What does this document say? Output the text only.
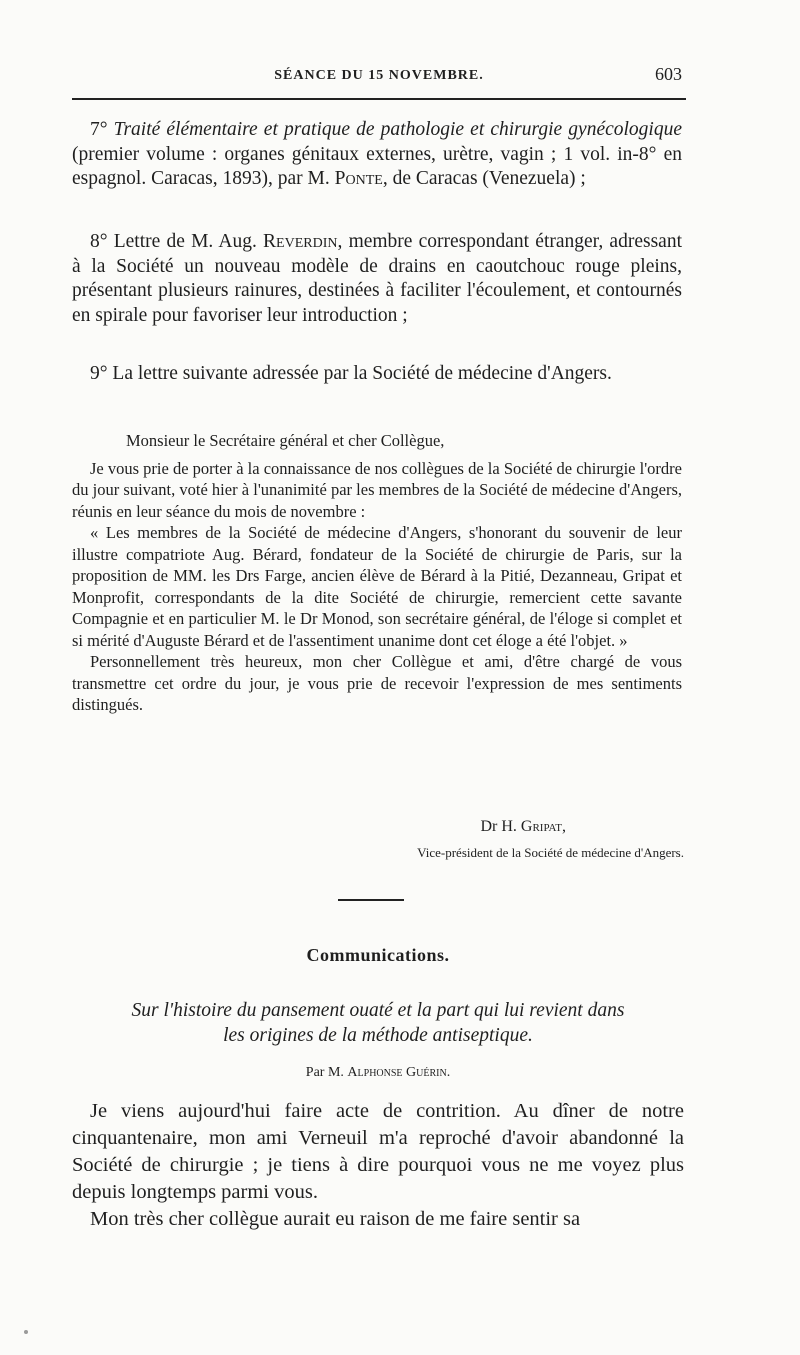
SÉANCE DU 15 NOVEMBRE.	603

7° Traité élémentaire et pratique de pathologie et chirurgie gynécologique (premier volume : organes génitaux externes, urètre, vagin ; 1 vol. in-8° en espagnol. Caracas, 1893), par M. Ponte, de Caracas (Venezuela) ;

8° Lettre de M. Aug. Reverdin, membre correspondant étranger, adressant à la Société un nouveau modèle de drains en caoutchouc rouge pleins, présentant plusieurs rainures, destinées à faciliter l'écoulement, et contournés en spirale pour favoriser leur introduction ;

9° La lettre suivante adressée par la Société de médecine d'Angers.

Monsieur le Secrétaire général et cher Collègue,

Je vous prie de porter à la connaissance de nos collègues de la Société de chirurgie l'ordre du jour suivant, voté hier à l'unanimité par les membres de la Société de médecine d'Angers, réunis en leur séance du mois de novembre :

« Les membres de la Société de médecine d'Angers, s'honorant du souvenir de leur illustre compatriote Aug. Bérard, fondateur de la Société de chirurgie de Paris, sur la proposition de MM. les Drs Farge, ancien élève de Bérard à la Pitié, Dezanneau, Gripat et Monprofit, correspondants de la dite Société de chirurgie, remercient cette savante Compagnie et en particulier M. le Dr Monod, son secrétaire général, de l'éloge si complet et si mérité d'Auguste Bérard et de l'assentiment unanime dont cet éloge a été l'objet. »

Personnellement très heureux, mon cher Collègue et ami, d'être chargé de vous transmettre cet ordre du jour, je vous prie de recevoir l'expression de mes sentiments distingués.

Dr H. Gripat,
Vice-président de la Société de médecine d'Angers.
Communications.
Sur l'histoire du pansement ouaté et la part qui lui revient dans
les origines de la méthode antiseptique.
Par M. Alphonse Guérin.

Je viens aujourd'hui faire acte de contrition. Au dîner de notre cinquantenaire, mon ami Verneuil m'a reproché d'avoir abandonné la Société de chirurgie ; je tiens à dire pourquoi vous ne me voyez plus depuis longtemps parmi vous.

Mon très cher collègue aurait eu raison de me faire sentir sa
